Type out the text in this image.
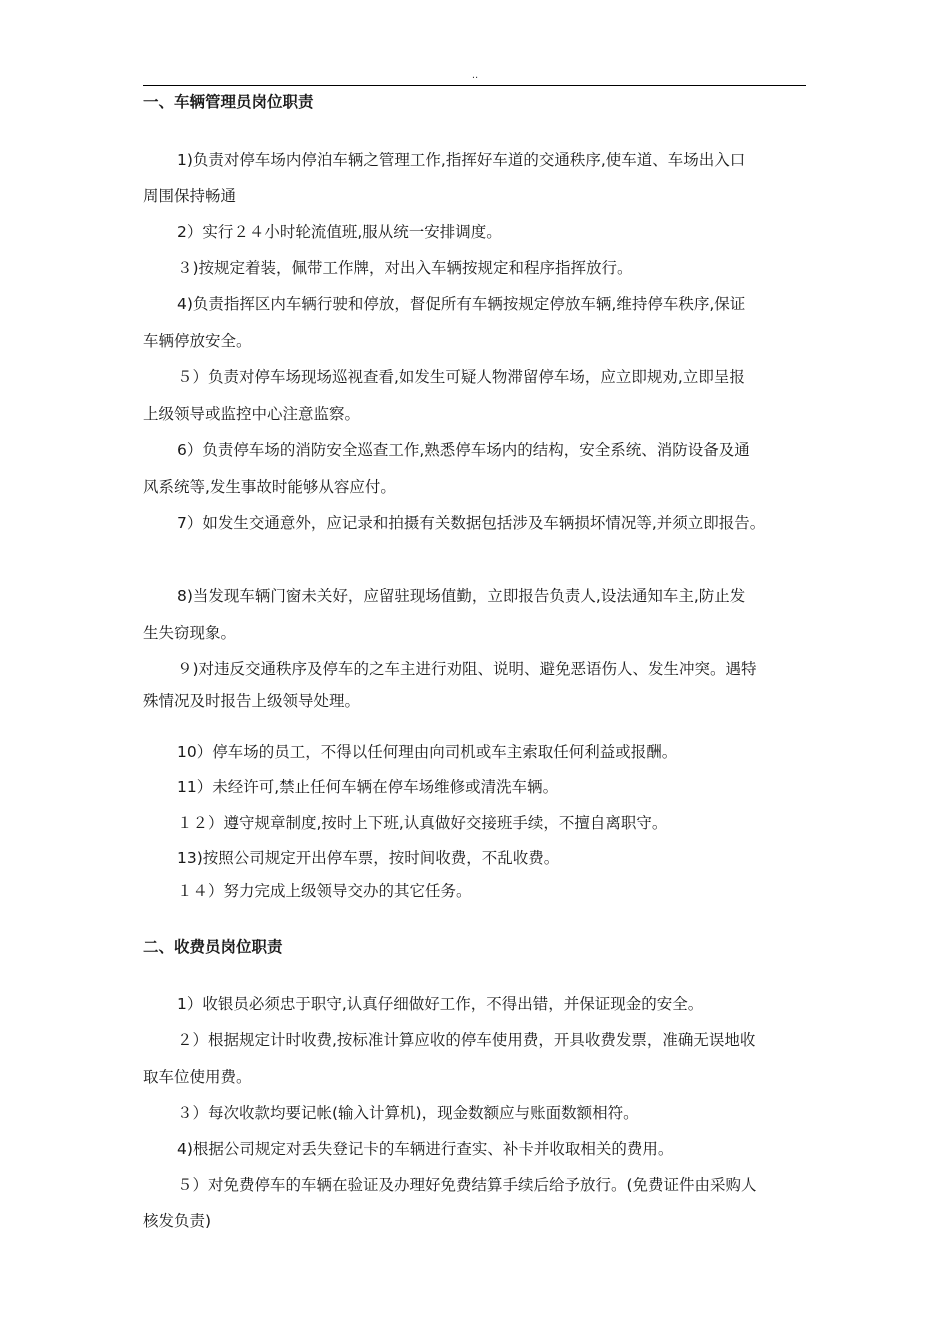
..
一、车辆管理员岗位职责
1)负责对停车场内停泊车辆之管理工作,指挥好车道的交通秩序,使车道、车场出入口
周围保持畅通
2）实行２４小时轮流值班,服从统一安排调度。
３)按规定着装，佩带工作牌，对出入车辆按规定和程序指挥放行。
4)负责指挥区内车辆行驶和停放，督促所有车辆按规定停放车辆,维持停车秩序,保证
车辆停放安全。
５）负责对停车场现场巡视查看,如发生可疑人物滞留停车场，应立即规劝,立即呈报
上级领导或监控中心注意监察。
6）负责停车场的消防安全巡查工作,熟悉停车场内的结构，安全系统、消防设备及通
风系统等,发生事故时能够从容应付。
7）如发生交通意外，应记录和拍摄有关数据包括涉及车辆损坏情况等,并须立即报告。
8)当发现车辆门窗未关好，应留驻现场值勤，立即报告负责人,设法通知车主,防止发
生失窃现象。
９)对违反交通秩序及停车的之车主进行劝阻、说明、避免恶语伤人、发生冲突。遇特
殊情况及时报告上级领导处理。
10）停车场的员工，不得以任何理由向司机或车主索取任何利益或报酬。
11）未经许可,禁止任何车辆在停车场维修或清洗车辆。
１２）遵守规章制度,按时上下班,认真做好交接班手续，不擅自离职守。
13)按照公司规定开出停车票，按时间收费，不乱收费。
１４）努力完成上级领导交办的其它任务。
二、收费员岗位职责
1）收银员必须忠于职守,认真仔细做好工作，不得出错，并保证现金的安全。
２）根据规定计时收费,按标准计算应收的停车使用费，开具收费发票，准确无误地收
取车位使用费。
３）每次收款均要记帐(输入计算机)，现金数额应与账面数额相符。
4)根据公司规定对丢失登记卡的车辆进行查实、补卡并收取相关的费用。
５）对免费停车的车辆在验证及办理好免费结算手续后给予放行。(免费证件由采购人
核发负责)
